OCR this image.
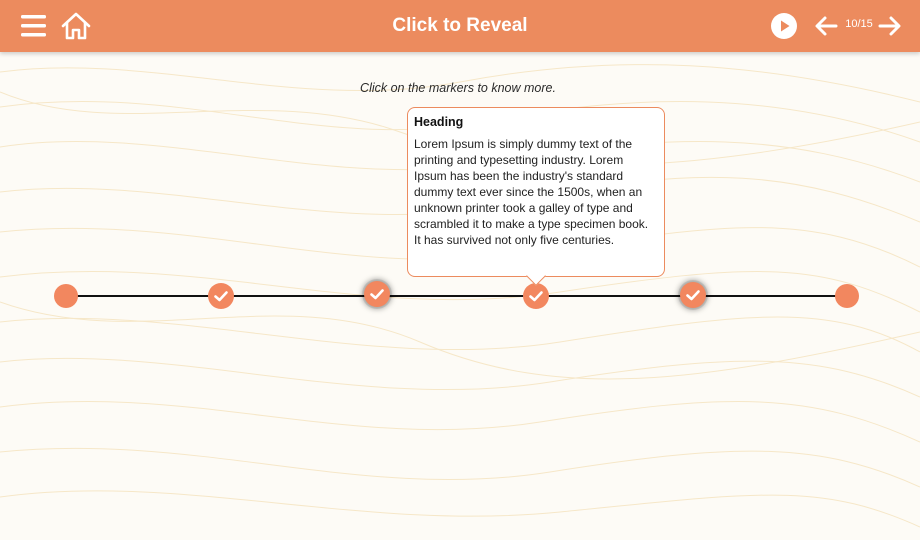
Click to Reveal	10/15
Click on the markers to know more.
Heading
Lorem Ipsum is simply dummy text of the printing and typesetting industry. Lorem Ipsum has been the industry's standard dummy text ever since the 1500s, when an unknown printer took a galley of type and scrambled it to make a type specimen book. It has survived not only five centuries.
